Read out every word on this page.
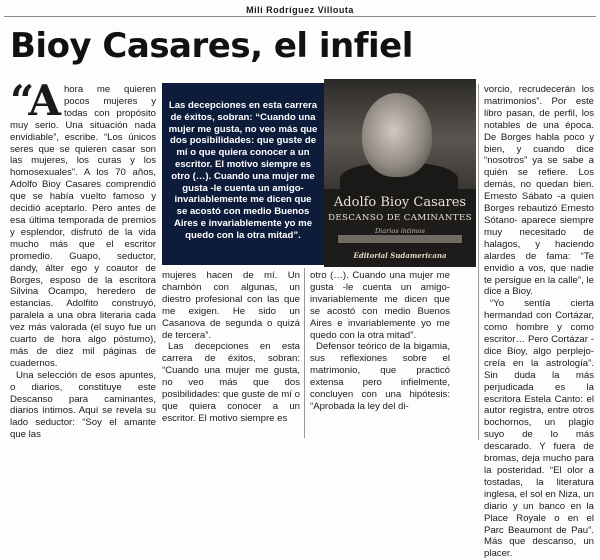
Mili Rodríguez Villouta
Bioy Casares, el infiel

“Ahora me quieren pocos mujeres y todas con propósito muy serio. Una situación nada envidiable”, escribe. “Los únicos seres que se quieren casar son las mujeres, los curas y los homosexuales”. A los 70 años, Adolfo Bioy Casares comprendió que se había vuelto famoso y decidió aceptarlo. Pero antes de esa última temporada de premios y esplendor, disfrutó de la vida mucho más que el escritor promedio. Guapo, seductor, dandy, álter ego y coautor de Borges, esposo de la escritora Silvina Ocampo, heredero de estancias. Adolfito construyó, paralela a una obra literaria cada vez más valorada (el suyo fue un cuarto de hora algo póstumo), más de diez mil páginas de cuadernos.

Una selección de esos apuntes, o diarios, constituye este Descanso para caminantes, diarios íntimos. Aquí se revela su lado seductor: “Soy el amante que las

Las decepciones en esta carrera de éxitos, sobran: “Cuando una mujer me gusta, no veo más que dos posibilidades: que guste de mí o que quiera conocer a un escritor. El motivo siempre es otro (…). Cuando una mujer me gusta -le cuenta un amigo- invariablemente me dicen que se acostó con medio Buenos Aires e invariablemente yo me quedo con la otra mitad”.
Adolfo Bioy Casares
DESCANSO DE CAMINANTES
Diarios íntimos
Editorial Sudamericana

mujeres hacen de mí. Un chambón con algunas, un diestro profesional con las que me exigen. He sido un Casanova de segunda o quizá de tercera”.

Las decepciones en esta carrera de éxitos, sobran: “Cuando una mujer me gusta, no veo más que dos posibilidades: que guste de mí o que quiera conocer a un escritor. El motivo siempre es

otro (…). Cuando una mujer me gusta -le cuenta un amigo- invariablemente me dicen que se acostó con medio Buenos Aires e invariablemente yo me quedo con la otra mitad”.

Defensor teórico de la bigamia, sus reflexiones sobre el matrimonio, que practicó extensa pero infielmente, concluyen con una hipótesis: “Aprobada la ley del di-

vorcio, recrudecerán los matrimonios”. Por este libro pasan, de perfil, los notables de una época. De Borges habla poco y bien, y cuando dice “nosotros” ya se sabe a quién se refiere. Los demás, no quedan bien. Ernesto Sábato -a quien Borges rebautizó Ernesto Sótano- aparece siempre muy necesitado de halagos, y haciendo alardes de fama: “Te envidio a vos, que nadie te persigue en la calle”, le dice a Bioy.

“Yo sentía cierta hermandad con Cortázar, como hombre y como escritor… Pero Cortázar -dice Bioy, algo perplejo- creía en la astrología”. Sin duda la más perjudicada es la escritora Estela Canto: el autor registra, entre otros bochornos, un plagio suyo de lo más descarado. Y fuera de bromas, deja mucho para la posteridad. “El olor a tostadas, la literatura inglesa, el sol en Niza, un diario y un banco en la Place Royale o en el Parc Beaumont de Pau”. Más que descanso, un placer.
